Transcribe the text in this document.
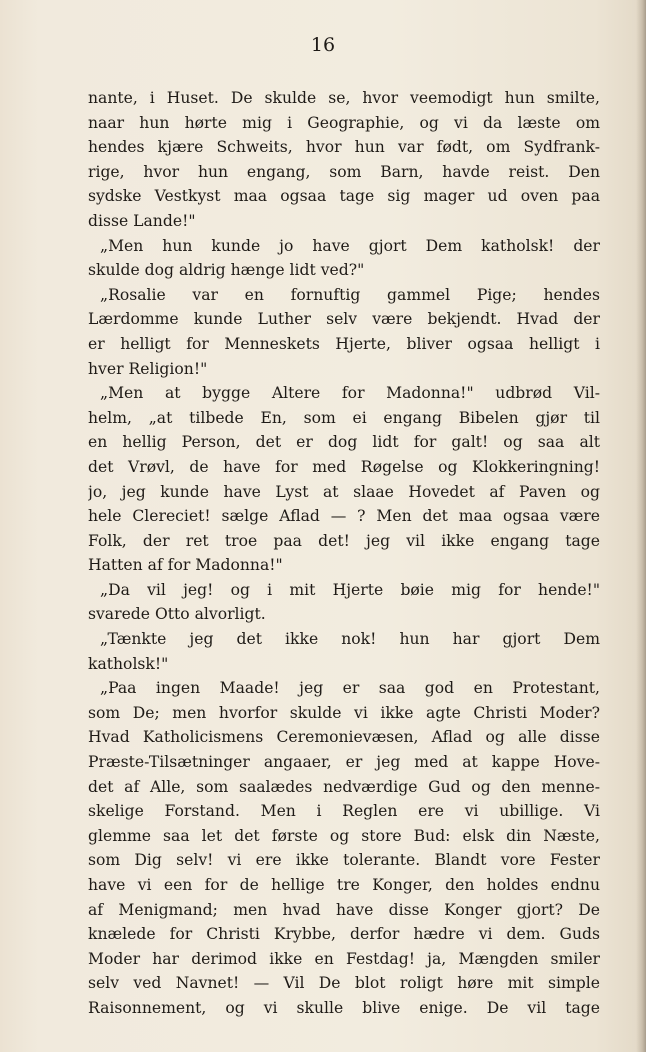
16
nante, i Huset. De skulde se, hvor veemodigt hun smilte,
naar hun hørte mig i Geographie, og vi da læste om
hendes kjære Schweits, hvor hun var født, om Sydfrank-
rige, hvor hun engang, som Barn, havde reist. Den
sydske Vestkyst maa ogsaa tage sig mager ud oven paa
disse Lande!"
„Men hun kunde jo have gjort Dem katholsk! der
skulde dog aldrig hænge lidt ved?"
„Rosalie var en fornuftig gammel Pige; hendes
Lærdomme kunde Luther selv være bekjendt. Hvad der
er helligt for Menneskets Hjerte, bliver ogsaa helligt i
hver Religion!"
„Men at bygge Altere for Madonna!" udbrød Vil-
helm, „at tilbede En, som ei engang Bibelen gjør til
en hellig Person, det er dog lidt for galt! og saa alt
det Vrøvl, de have for med Røgelse og Klokkeringning!
jo, jeg kunde have Lyst at slaae Hovedet af Paven og
hele Clereciet! sælge Aflad — ? Men det maa ogsaa være
Folk, der ret troe paa det! jeg vil ikke engang tage
Hatten af for Madonna!"
„Da vil jeg! og i mit Hjerte bøie mig for hende!"
svarede Otto alvorligt.
„Tænkte jeg det ikke nok! hun har gjort Dem
katholsk!"
„Paa ingen Maade! jeg er saa god en Protestant,
som De; men hvorfor skulde vi ikke agte Christi Moder?
Hvad Katholicismens Ceremonievæsen, Aflad og alle disse
Præste-Tilsætninger angaaer, er jeg med at kappe Hove-
det af Alle, som saalædes nedværdige Gud og den menne-
skelige Forstand. Men i Reglen ere vi ubillige. Vi
glemme saa let det første og store Bud: elsk din Næste,
som Dig selv! vi ere ikke tolerante. Blandt vore Fester
have vi een for de hellige tre Konger, den holdes endnu
af Menigmand; men hvad have disse Konger gjort? De
knælede for Christi Krybbe, derfor hædre vi dem. Guds
Moder har derimod ikke en Festdag! ja, Mængden smiler
selv ved Navnet! — Vil De blot roligt høre mit simple
Raisonnement, og vi skulle blive enige. De vil tage
